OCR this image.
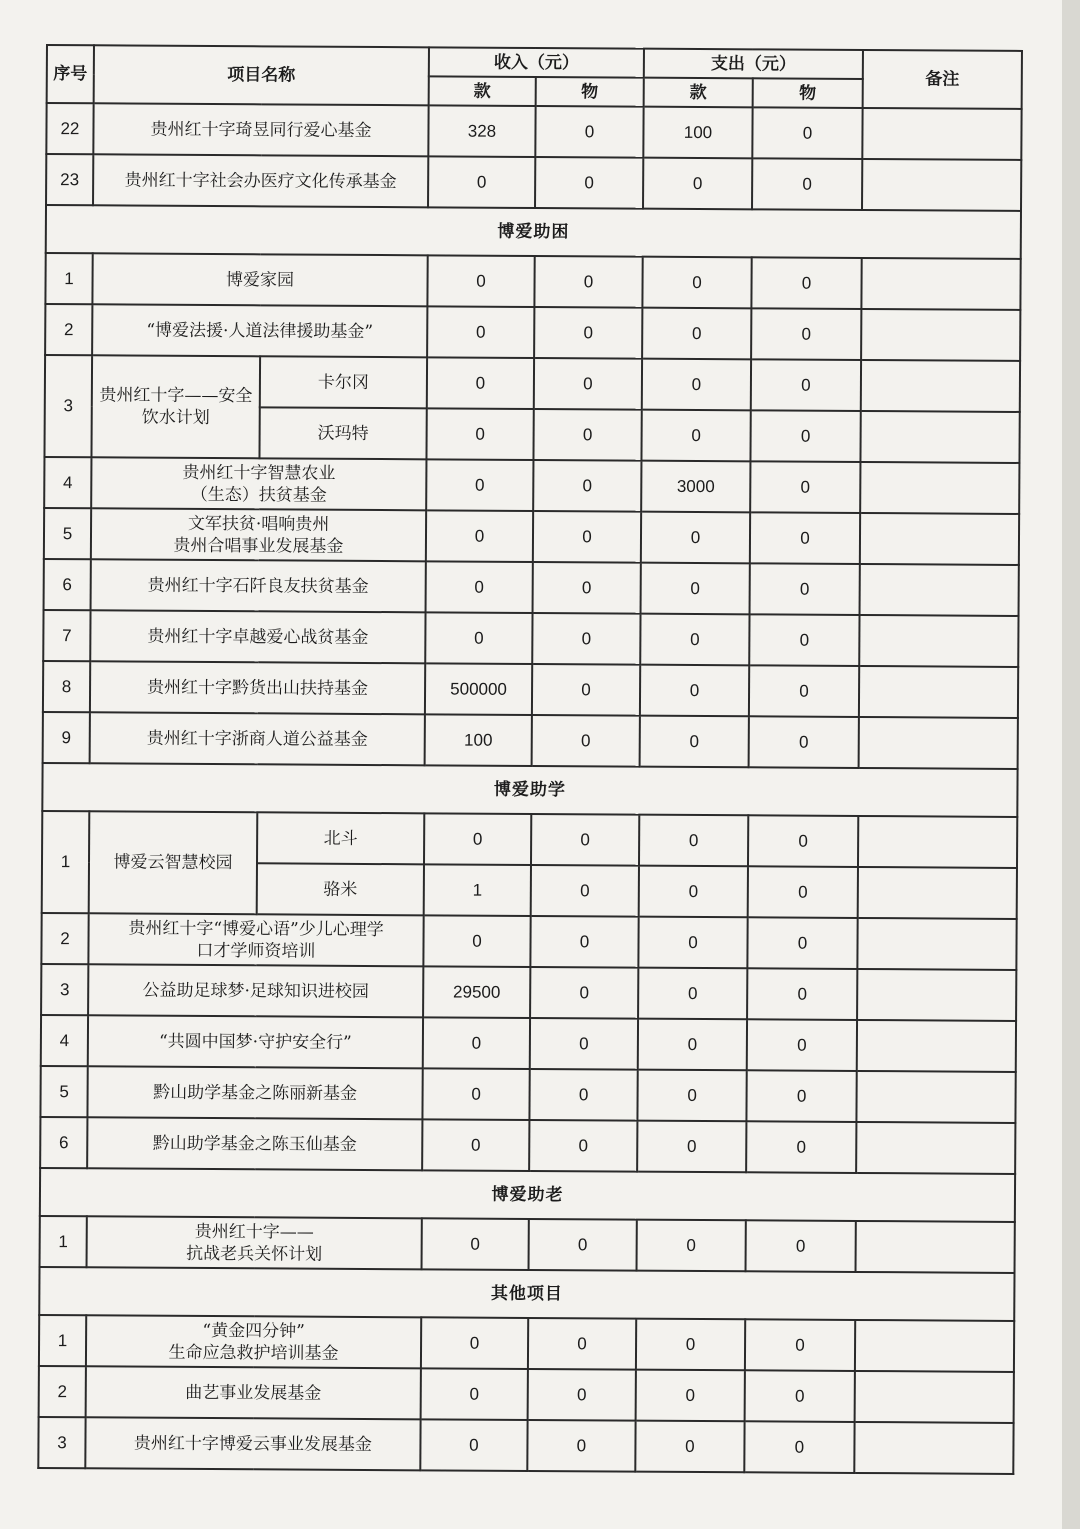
序号	项目名称		收入（元）		支出（元）		备注
			款	物	款	物	
22	贵州红十字琦昱同行爱心基金		328	0	100	0	
23	贵州红十字社会办医疗文化传承基金		0	0	0	0	
博爱助困							
1	博爱家园		0	0	0	0	
2	“博爱法援·人道法律援助基金”		0	0	0	0	
3	贵州红十字——安全饮水计划	卡尔冈	0	0	0	0	
		沃玛特	0	0	0	0	
4	贵州红十字智慧农业
（生态）扶贫基金		0	0	3000	0	
5	文军扶贫·唱响贵州
贵州合唱事业发展基金		0	0	0	0	
6	贵州红十字石阡良友扶贫基金		0	0	0	0	
7	贵州红十字卓越爱心战贫基金		0	0	0	0	
8	贵州红十字黔货出山扶持基金		500000	0	0	0	
9	贵州红十字浙商人道公益基金		100	0	0	0	
博爱助学							
1	博爱云智慧校园	北斗	0	0	0	0	
		骆米	1	0	0	0	
2	贵州红十字“博爱心语”少儿心理学
口才学师资培训		0	0	0	0	
3	公益助足球梦·足球知识进校园		29500	0	0	0	
4	“共圆中国梦·守护安全行”		0	0	0	0	
5	黔山助学基金之陈丽新基金		0	0	0	0	
6	黔山助学基金之陈玉仙基金		0	0	0	0	
博爱助老							
1	贵州红十字——
抗战老兵关怀计划		0	0	0	0	
其他项目							
1	“黄金四分钟”
生命应急救护培训基金		0	0	0	0	
2	曲艺事业发展基金		0	0	0	0	
3	贵州红十字博爱云事业发展基金		0	0	0	0	
